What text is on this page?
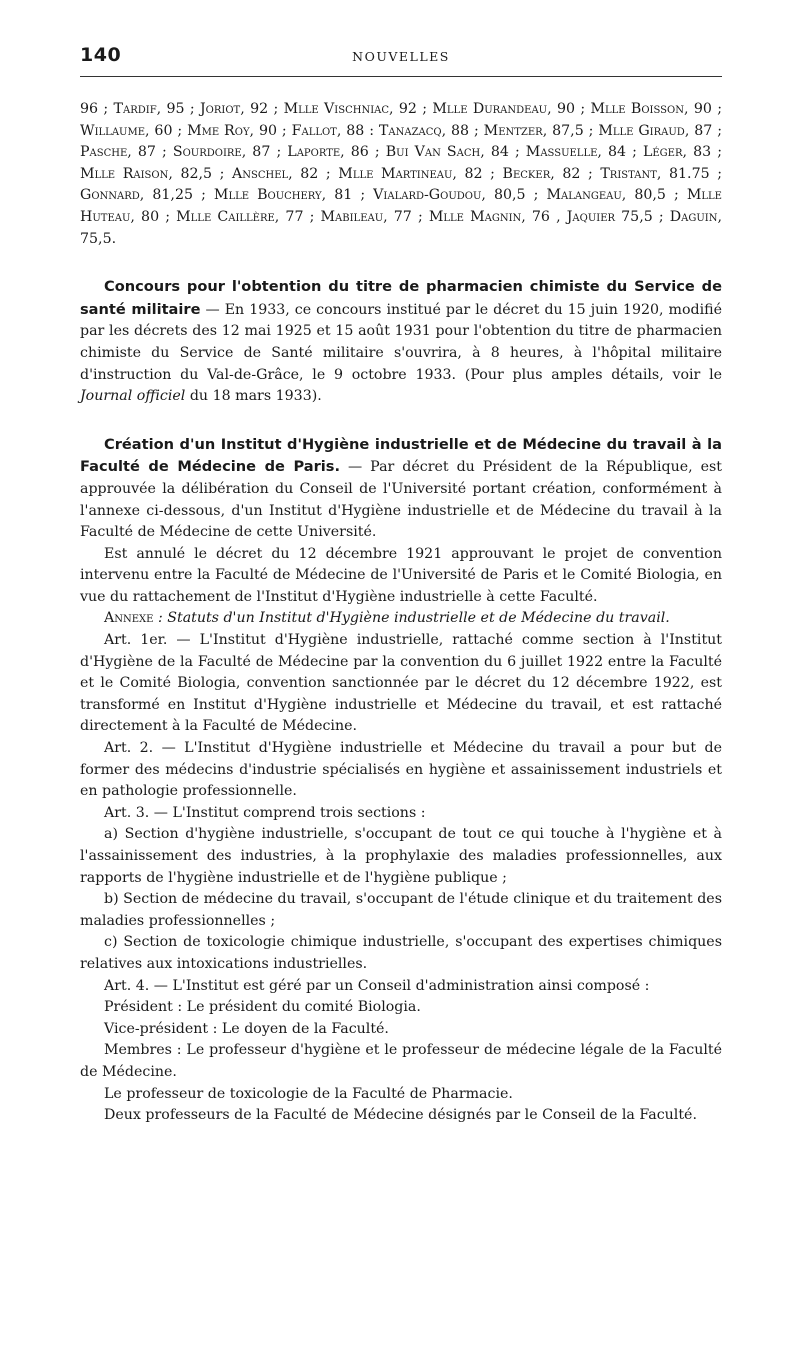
140	NOUVELLES

96 ; Tardif, 95 ; Joriot, 92 ; Mlle Vischniac, 92 ; Mlle Durandeau, 90 ; Mlle Boisson, 90 ; Willaume, 60 ; Mme Roy, 90 ; Fallot, 88 : Tanazacq, 88 ; Mentzer, 87,5 ; Mlle Giraud, 87 ; Pasche, 87 ; Sourdoire, 87 ; Laporte, 86 ; Bui Van Sach, 84 ; Massuelle, 84 ; Léger, 83 ; Mlle Raison, 82,5 ; Anschel, 82 ; Mlle Martineau, 82 ; Becker, 82 ; Tristant, 81.75 ; Gonnard, 81,25 ; Mlle Bouchery, 81 ; Vialard-Goudou, 80,5 ; Malangeau, 80,5 ; Mlle Huteau, 80 ; Mlle Caillère, 77 ; Mabileau, 77 ; Mlle Magnin, 76 , Jaquier 75,5 ; Daguin, 75,5.

Concours pour l'obtention du titre de pharmacien chimiste du Service de santé militaire — En 1933, ce concours institué par le décret du 15 juin 1920, modifié par les décrets des 12 mai 1925 et 15 août 1931 pour l'obtention du titre de pharmacien chimiste du Service de Santé militaire s'ouvrira, à 8 heures, à l'hôpital militaire d'instruction du Val-de-Grâce, le 9 octobre 1933. (Pour plus amples détails, voir le Journal officiel du 18 mars 1933).

Création d'un Institut d'Hygiène industrielle et de Médecine du travail à la Faculté de Médecine de Paris. — Par décret du Président de la République, est approuvée la délibération du Conseil de l'Université portant création, conformément à l'annexe ci-dessous, d'un Institut d'Hygiène industrielle et de Médecine du travail à la Faculté de Médecine de cette Université.

Est annulé le décret du 12 décembre 1921 approuvant le projet de convention intervenu entre la Faculté de Médecine de l'Université de Paris et le Comité Biologia, en vue du rattachement de l'Institut d'Hygiène industrielle à cette Faculté.

Annexe : Statuts d'un Institut d'Hygiène industrielle et de Médecine du travail.

Art. 1er. — L'Institut d'Hygiène industrielle, rattaché comme section à l'Institut d'Hygiène de la Faculté de Médecine par la convention du 6 juillet 1922 entre la Faculté et le Comité Biologia, convention sanctionnée par le décret du 12 décembre 1922, est transformé en Institut d'Hygiène industrielle et Médecine du travail, et est rattaché directement à la Faculté de Médecine.

Art. 2. — L'Institut d'Hygiène industrielle et Médecine du travail a pour but de former des médecins d'industrie spécialisés en hygiène et assainissement industriels et en pathologie professionnelle.

Art. 3. — L'Institut comprend trois sections :

a) Section d'hygiène industrielle, s'occupant de tout ce qui touche à l'hygiène et à l'assainissement des industries, à la prophylaxie des maladies professionnelles, aux rapports de l'hygiène industrielle et de l'hygiène publique ;

b) Section de médecine du travail, s'occupant de l'étude clinique et du traitement des maladies professionnelles ;

c) Section de toxicologie chimique industrielle, s'occupant des expertises chimiques relatives aux intoxications industrielles.

Art. 4. — L'Institut est géré par un Conseil d'administration ainsi composé :

Président : Le président du comité Biologia.

Vice-président : Le doyen de la Faculté.

Membres : Le professeur d'hygiène et le professeur de médecine légale de la Faculté de Médecine.

Le professeur de toxicologie de la Faculté de Pharmacie.

Deux professeurs de la Faculté de Médecine désignés par le Conseil de la Faculté.
